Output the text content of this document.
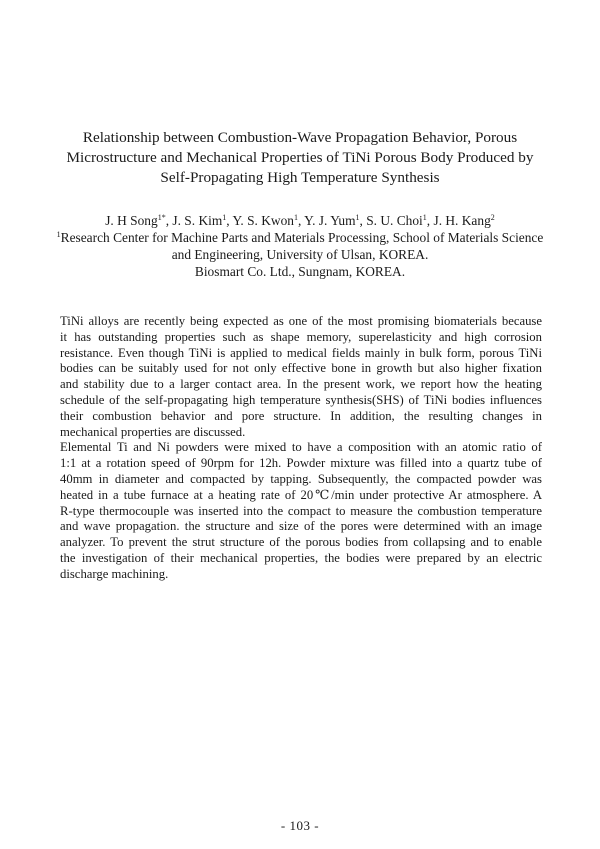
Relationship between Combustion-Wave Propagation Behavior, Porous
Microstructure and Mechanical Properties of TiNi Porous Body Produced by
Self-Propagating High Temperature Synthesis
J. H Song$^{1*}$, J. S. Kim$^1$, Y. S. Kwon$^1$, Y. J. Yum$^1$, S. U. Choi$^1$, J. H. Kang$^2$
$^1$Research Center for Machine Parts and Materials Processing, School of Materials Science
and Engineering, University of Ulsan, KOREA.
Biosmart Co. Ltd., Sungnam, KOREA.
TiNi alloys are recently being expected as one of the most promising biomaterials because
it has outstanding properties such as shape memory, superelasticity and high corrosion
resistance. Even though TiNi is applied to medical fields mainly in bulk form, porous TiNi
bodies can be suitably used for not only effective bone in growth but also higher fixation
and stability due to a larger contact area. In the present work, we report how the heating
schedule of the self-propagating high temperature synthesis(SHS) of TiNi bodies influences
their combustion behavior and pore structure. In addition, the resulting changes in
mechanical properties are discussed.
Elemental Ti and Ni powders were mixed to have a composition with an atomic ratio of
1:1 at a rotation speed of 90rpm for 12h. Powder mixture was filled into a quartz tube of
40mm in diameter and compacted by tapping. Subsequently, the compacted powder was
heated in a tube furnace at a heating rate of 20℃/min under protective Ar atmosphere. A
R-type thermocouple was inserted into the compact to measure the combustion temperature
and wave propagation. the structure and size of the pores were determined with an image
analyzer. To prevent the strut structure of the porous bodies from collapsing and to enable
the investigation of their mechanical properties, the bodies were prepared by an electric
discharge machining.
- 103 -
